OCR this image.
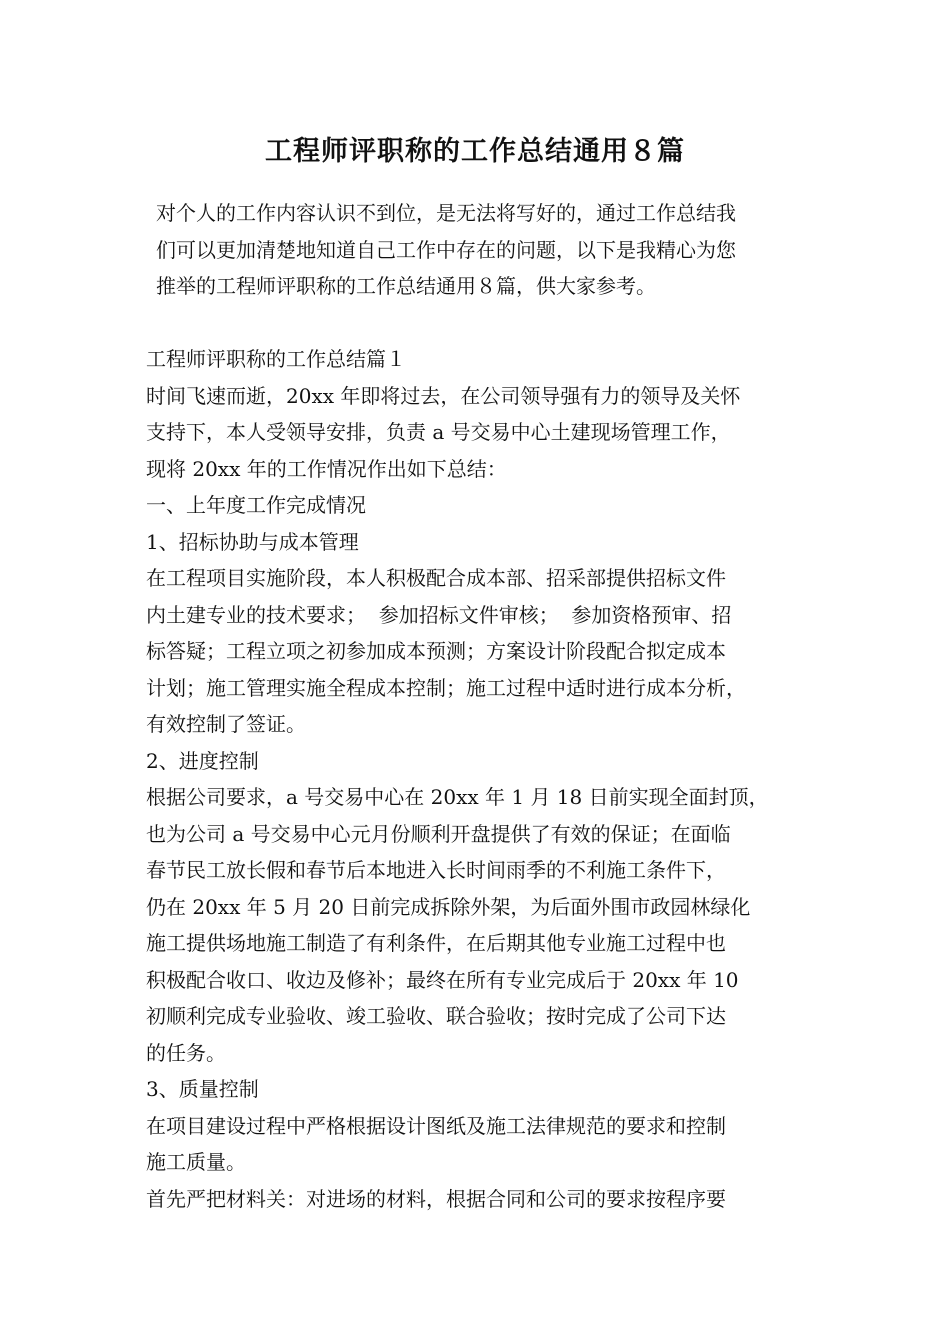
工程师评职称的工作总结通用８篇
对个人的工作内容认识不到位，是无法将写好的，通过工作总结我
们可以更加清楚地知道自己工作中存在的问题，以下是我精心为您
推举的工程师评职称的工作总结通用８篇，供大家参考。
工程师评职称的工作总结篇１
时间飞速而逝，20xx 年即将过去，在公司领导强有力的领导及关怀
支持下，本人受领导安排，负责 a 号交易中心土建现场管理工作，
现将 20xx 年的工作情况作出如下总结：
一、上年度工作完成情况
1、招标协助与成本管理
在工程项目实施阶段，本人积极配合成本部、招采部提供招标文件
内土建专业的技术要求；  参加招标文件审核；  参加资格预审、招
标答疑；工程立项之初参加成本预测；方案设计阶段配合拟定成本
计划；施工管理实施全程成本控制；施工过程中适时进行成本分析，
有效控制了签证。
2、进度控制
根据公司要求，a 号交易中心在 20xx 年 1 月 18 日前实现全面封顶，
也为公司 a 号交易中心元月份顺利开盘提供了有效的保证；在面临
春节民工放长假和春节后本地进入长时间雨季的不利施工条件下，
仍在 20xx 年 5 月 20 日前完成拆除外架，为后面外围市政园林绿化
施工提供场地施工制造了有利条件，在后期其他专业施工过程中也
积极配合收口、收边及修补；最终在所有专业完成后于 20xx 年 10
初顺利完成专业验收、竣工验收、联合验收；按时完成了公司下达
的任务。
3、质量控制
在项目建设过程中严格根据设计图纸及施工法律规范的要求和控制
施工质量。
首先严把材料关：对进场的材料，根据合同和公司的要求按程序要
